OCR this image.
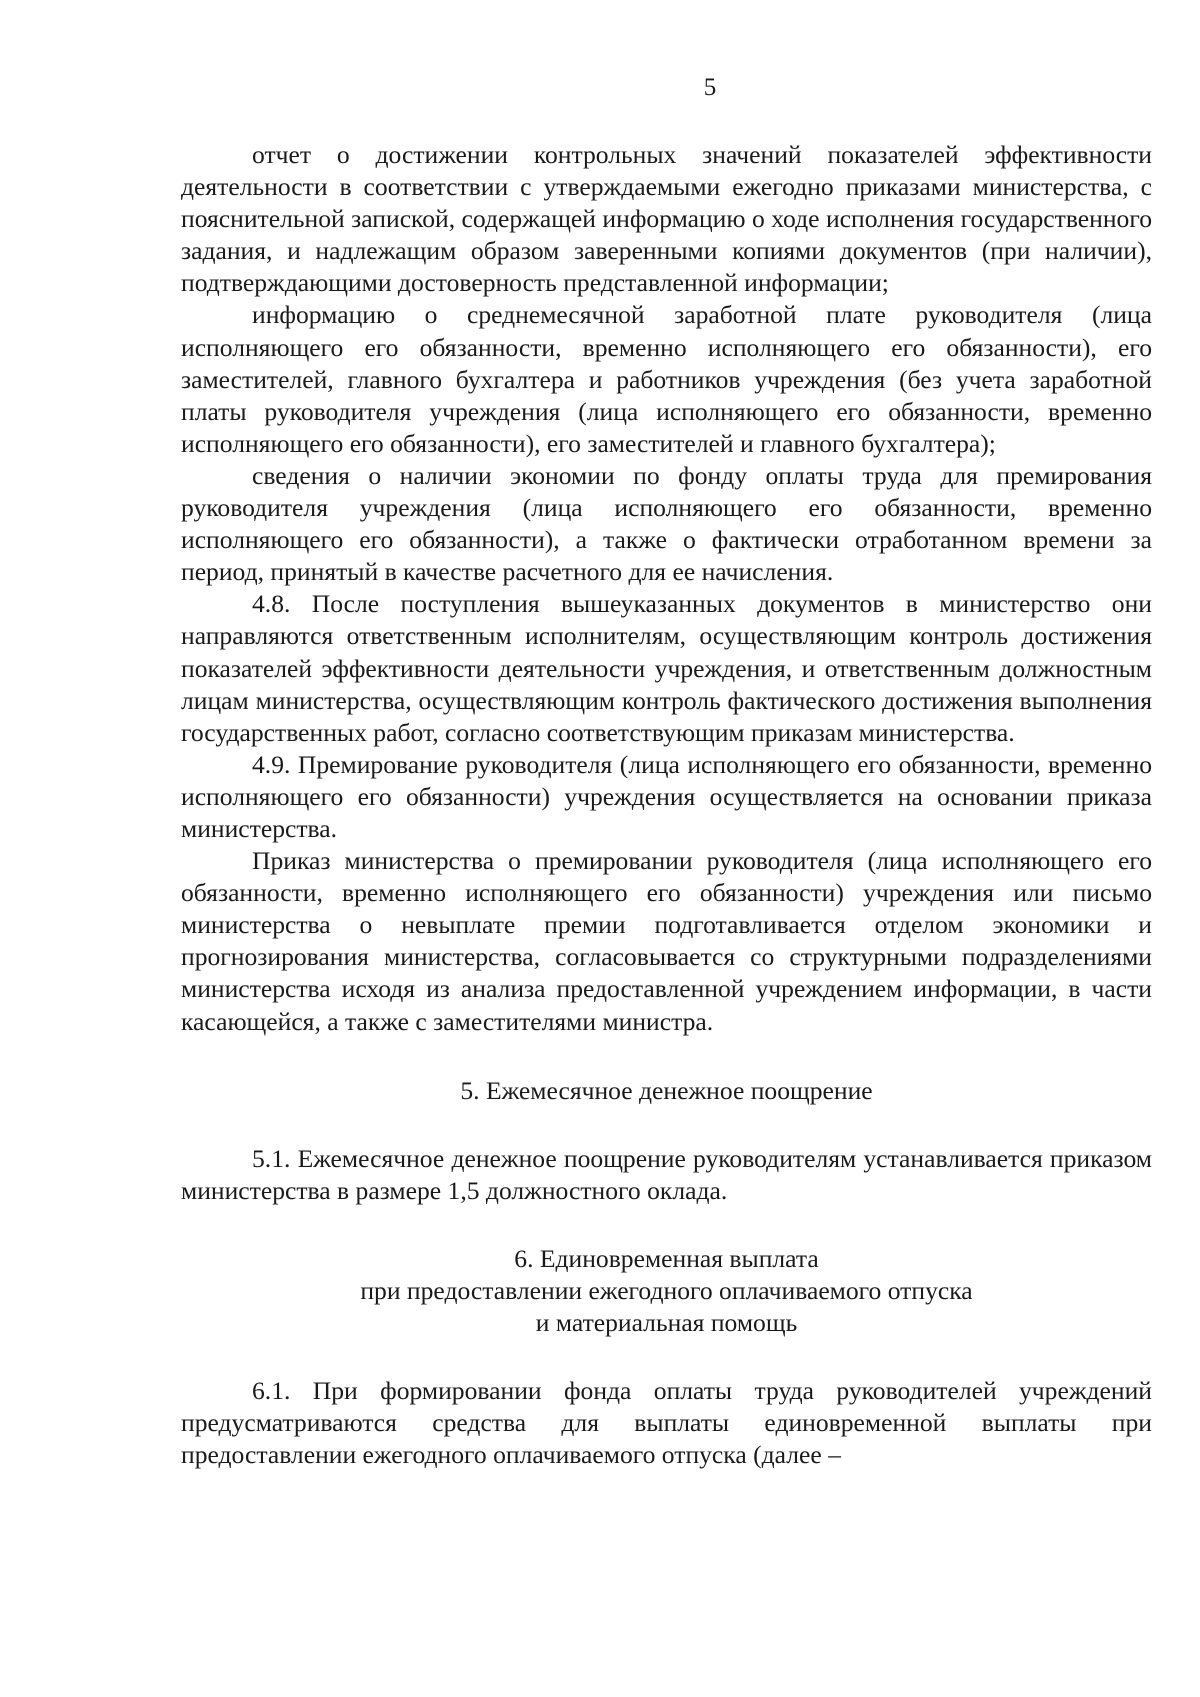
5

отчет о достижении контрольных значений показателей эффективности деятельности в соответствии с утверждаемыми ежегодно приказами министерства, с пояснительной запиской, содержащей информацию о ходе исполнения государственного задания, и надлежащим образом заверенными копиями документов (при наличии), подтверждающими достоверность представленной информации;

информацию о среднемесячной заработной плате руководителя (лица исполняющего его обязанности, временно исполняющего его обязанности), его заместителей, главного бухгалтера и работников учреждения (без учета заработной платы руководителя учреждения (лица исполняющего его обязанности, временно исполняющего его обязанности), его заместителей и главного бухгалтера);

сведения о наличии экономии по фонду оплаты труда для премирования руководителя учреждения (лица исполняющего его обязанности, временно исполняющего его обязанности), а также о фактически отработанном времени за период, принятый в качестве расчетного для ее начисления.

4.8. После поступления вышеуказанных документов в министерство они направляются ответственным исполнителям, осуществляющим контроль достижения показателей эффективности деятельности учреждения, и ответственным должностным лицам министерства, осуществляющим контроль фактического достижения выполнения государственных работ, согласно соответствующим приказам министерства.

4.9. Премирование руководителя (лица исполняющего его обязанности, временно исполняющего его обязанности) учреждения осуществляется на основании приказа министерства.

Приказ министерства о премировании руководителя (лица исполняющего его обязанности, временно исполняющего его обязанности) учреждения или письмо министерства о невыплате премии подготавливается отделом экономики и прогнозирования министерства, согласовывается со структурными подразделениями министерства исходя из анализа предоставленной учреждением информации, в части касающейся, а также с заместителями министра.

5. Ежемесячное денежное поощрение

5.1. Ежемесячное денежное поощрение руководителям устанавливается приказом министерства в размере 1,5 должностного оклада.

6. Единовременная выплата

при предоставлении ежегодного оплачиваемого отпуска

и материальная помощь

6.1. При формировании фонда оплаты труда руководителей учреждений предусматриваются средства для выплаты единовременной выплаты при предоставлении ежегодного оплачиваемого отпуска (далее –
